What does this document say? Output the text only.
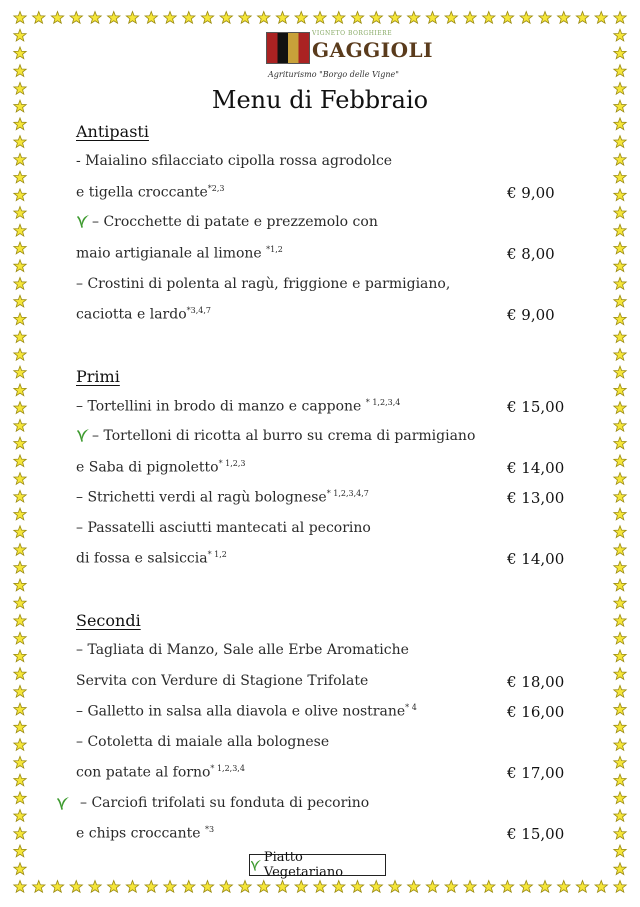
VIGNETO BORGHIERE
GAGGIOLI
Agriturismo "Borgo delle Vigne"
Menu di Febbraio
Antipasti
- Maialino sfilacciato cipolla rossa agrodolce
e tigella croccante$^{*2,3}$	€ 9,00
– Crocchette di patate e prezzemolo con
maio artigianale al limone $^{*1,2}$	€ 8,00
– Crostini di polenta al ragù, friggione e parmigiano,
caciotta e lardo$^{*3,4,7}$	€ 9,00
Primi
– Tortellini in brodo di manzo e cappone $^{* 1,2,3,4}$	€ 15,00
– Tortelloni di ricotta al burro su crema di parmigiano
e Saba di pignoletto$^{* 1,2,3}$	€ 14,00
– Strichetti verdi al ragù bolognese$^{* 1,2,3,4,7}$	€ 13,00
– Passatelli asciutti mantecati al pecorino
di fossa e salsiccia$^{* 1,2}$	€ 14,00
Secondi
– Tagliata di Manzo, Sale alle Erbe Aromatiche
Servita con Verdure di Stagione Trifolate	€ 18,00
– Galletto in salsa alla diavola e olive nostrane$^{* 4}$	€ 16,00
– Cotoletta di maiale alla bolognese
con patate al forno$^{* 1,2,3,4}$	€ 17,00
– Carciofi trifolati su fonduta di pecorino
e chips croccante $^{*3}$	€ 15,00
Piatto Vegetariano
